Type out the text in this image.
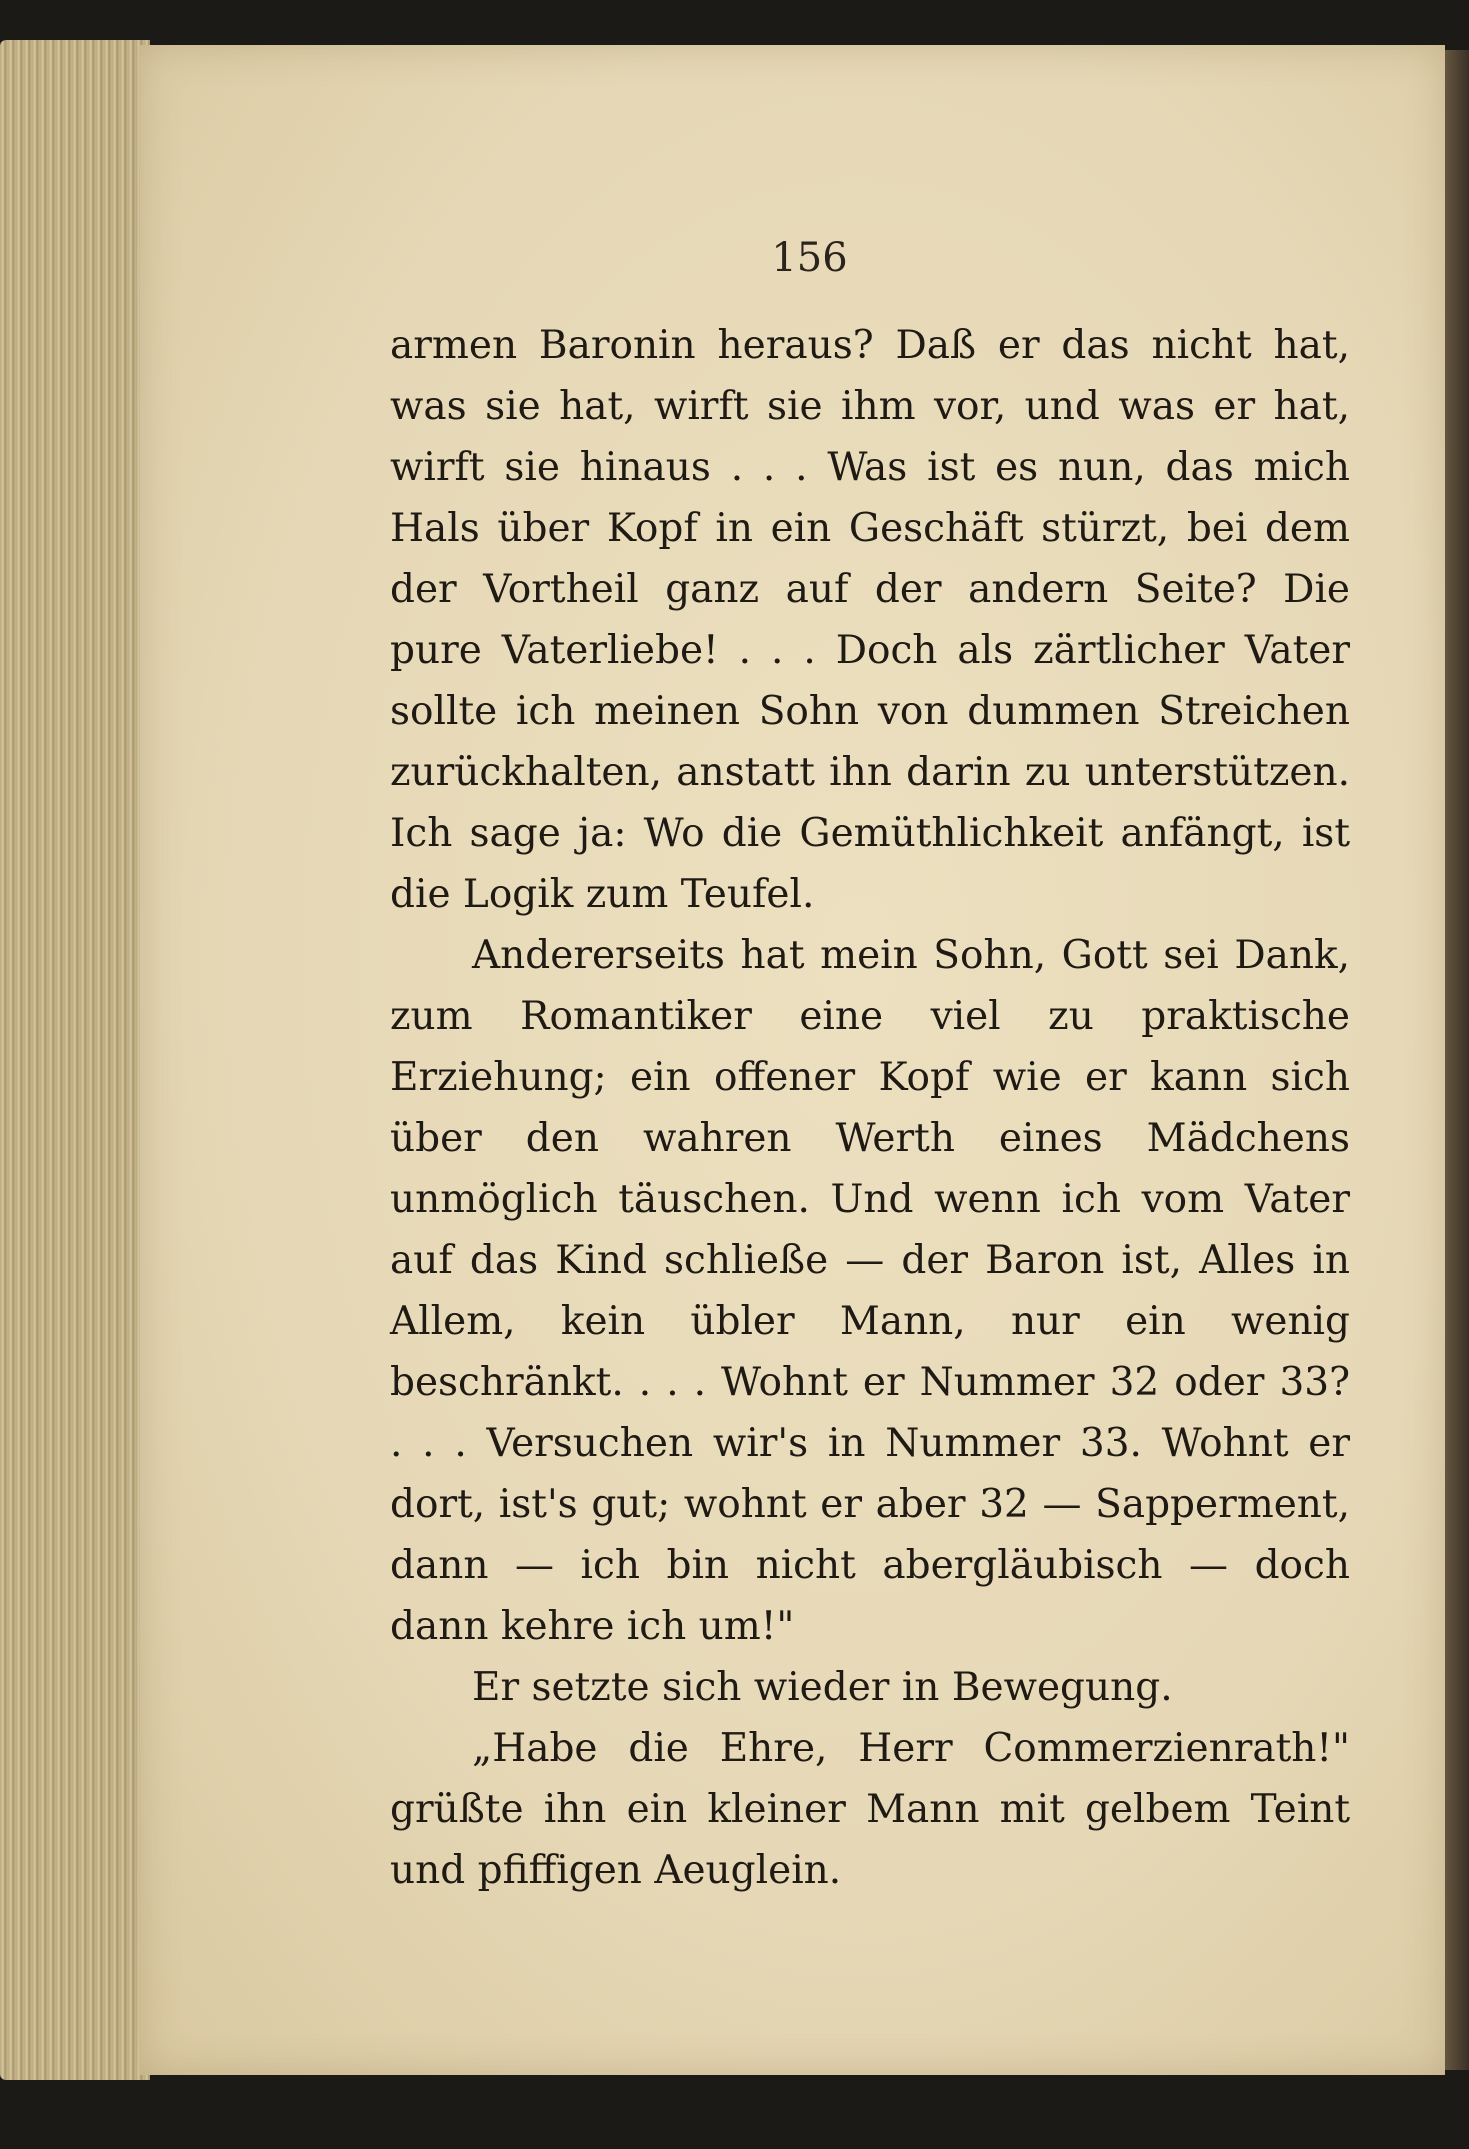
156

armen Baronin heraus? Daß er das nicht hat, was sie hat, wirft sie ihm vor, und was er hat, wirft sie hinaus . . . Was ist es nun, das mich Hals über Kopf in ein Geschäft stürzt, bei dem der Vortheil ganz auf der andern Seite? Die pure Vaterliebe! . . . Doch als zärtlicher Vater sollte ich meinen Sohn von dummen Streichen zurückhalten, anstatt ihn darin zu unterstützen. Ich sage ja: Wo die Gemüthlichkeit anfängt, ist die Logik zum Teufel.

Andererseits hat mein Sohn, Gott sei Dank, zum Romantiker eine viel zu praktische Erziehung; ein offener Kopf wie er kann sich über den wahren Werth eines Mädchens unmöglich täuschen. Und wenn ich vom Vater auf das Kind schließe — der Baron ist, Alles in Allem, kein übler Mann, nur ein wenig beschränkt. . . . Wohnt er Nummer 32 oder 33? . . . Versuchen wir's in Nummer 33. Wohnt er dort, ist's gut; wohnt er aber 32 — Sapperment, dann — ich bin nicht abergläubisch — doch dann kehre ich um!"

Er setzte sich wieder in Bewegung.

„Habe die Ehre, Herr Commerzienrath!" grüßte ihn ein kleiner Mann mit gelbem Teint und pfiffigen Aeuglein.
